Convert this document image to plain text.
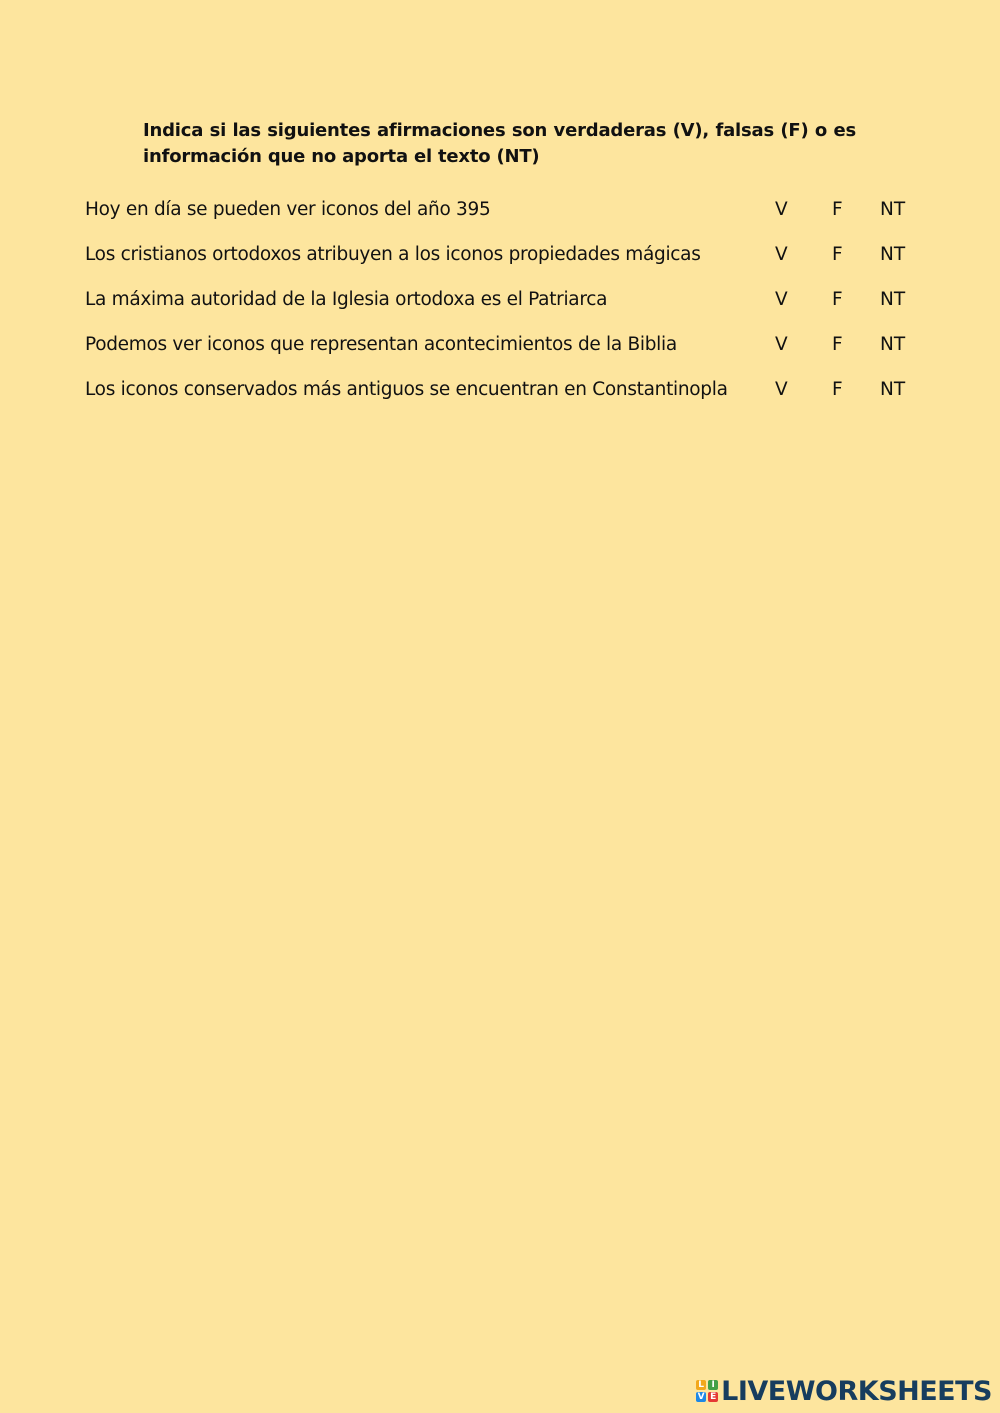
Indica si las siguientes afirmaciones son verdaderas (V), falsas (F) o es información que no aporta el texto (NT)
Hoy en día se pueden ver iconos del año 395	V F NT
Los cristianos ortodoxos atribuyen a los iconos propiedades mágicas	V F NT
La máxima autoridad de la Iglesia ortodoxa es el Patriarca	V F NT
Podemos ver iconos que representan acontecimientos de la Biblia	V F NT
Los iconos conservados más antiguos se encuentran en Constantinopla	V F NT
L I
V E LIVEWORKSHEETS
